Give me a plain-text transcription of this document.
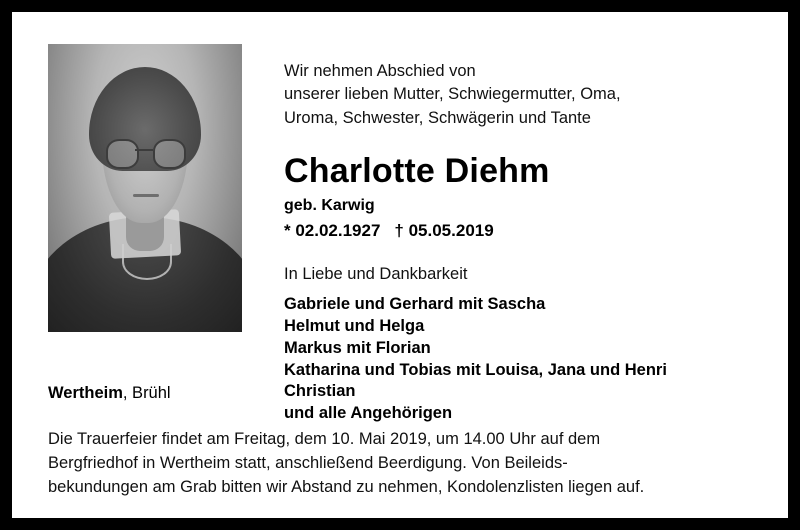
Wir nehmen Abschied von
unserer lieben Mutter, Schwiegermutter, Oma,
Uroma, Schwester, Schwägerin und Tante
Charlotte Diehm
geb. Karwig
* 02.02.1927 † 05.05.2019
In Liebe und Dankbarkeit
Gabriele und Gerhard mit Sascha
Helmut und Helga
Markus mit Florian
Katharina und Tobias mit Louisa, Jana und Henri
Christian
und alle Angehörigen
Wertheim, Brühl

Die Trauerfeier findet am Freitag, dem 10. Mai 2019, um 14.00 Uhr auf dem

Bergfriedhof in Wertheim statt, anschließend Beerdigung. Von Beileids-

bekundungen am Grab bitten wir Abstand zu nehmen, Kondolenzlisten liegen auf.
